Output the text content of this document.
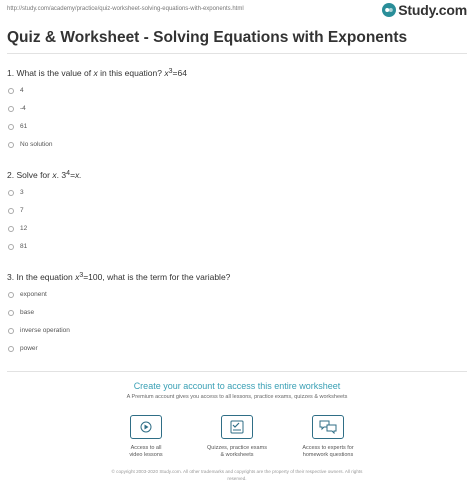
http://study.com/academy/practice/quiz-worksheet-solving-equations-with-exponents.html	Study.com
Quiz & Worksheet - Solving Equations with Exponents
1. What is the value of x in this equation? $x^3=64$
4
-4
61
No solution
2. Solve for x. $3^4=x$.
3
7
12
81
3. In the equation $x^3=100$, what is the term for the variable?
exponent
base
inverse operation
power
Create your account to access this entire worksheet
A Premium account gives you access to all lessons, practice exams, quizzes & worksheets
Access to all
video lessons
Quizzes, practice exams
& worksheets
Access to experts for
homework questions
© copyright 2003-2020 Study.com. All other trademarks and copyrights are the property of their respective owners. All rights
reserved.
